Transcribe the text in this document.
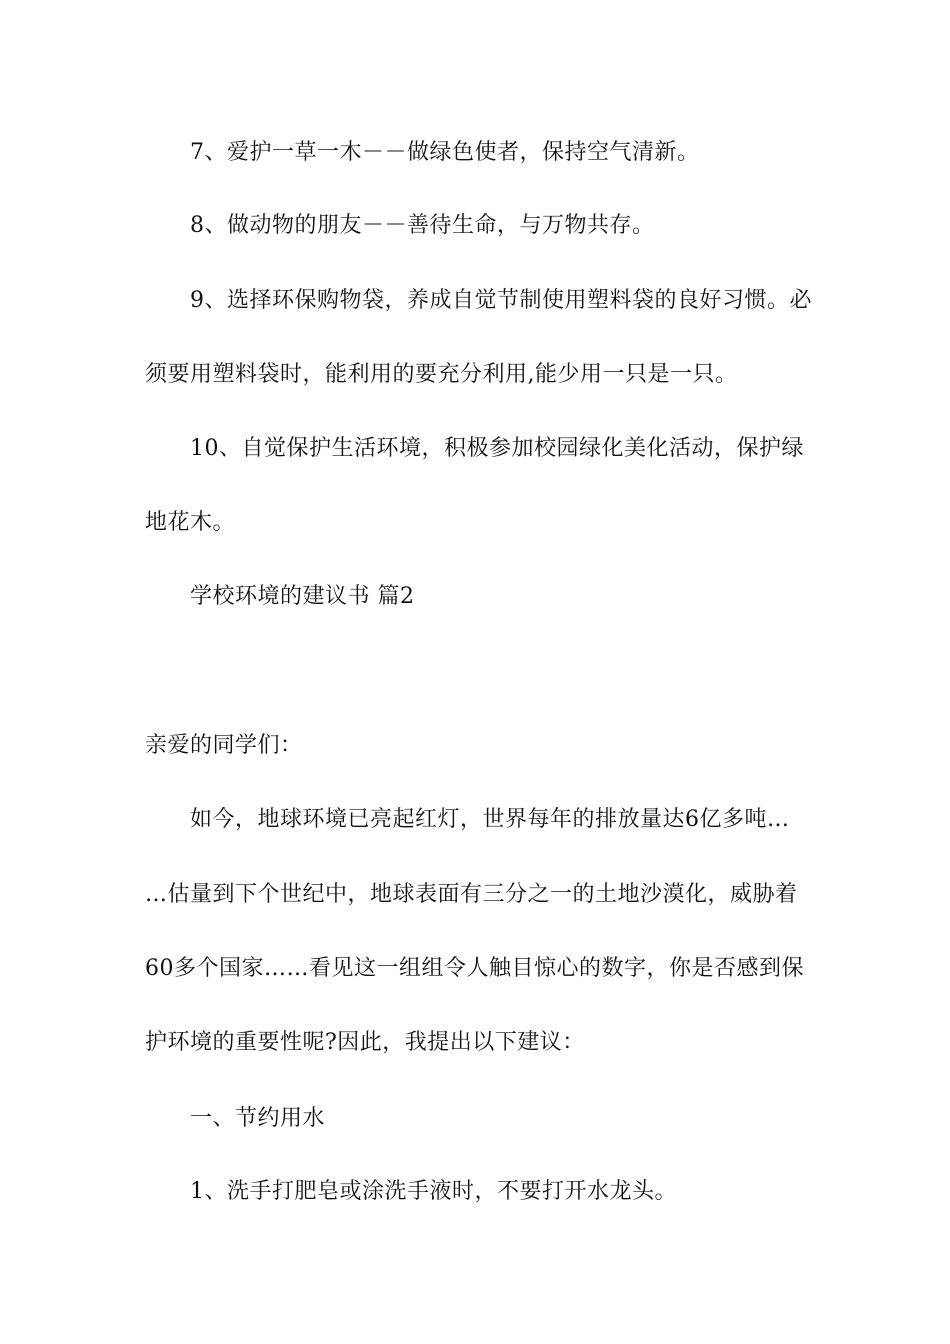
7、爱护一草一木－－做绿色使者，保持空气清新。
8、做动物的朋友－－善待生命，与万物共存。
9、选择环保购物袋，养成自觉节制使用塑料袋的良好习惯。必
须要用塑料袋时，能利用的要充分利用,能少用一只是一只。
10、自觉保护生活环境，积极参加校园绿化美化活动，保护绿
地花木。
学校环境的建议书 篇2
亲爱的同学们：
如今，地球环境已亮起红灯，世界每年的排放量达6亿多吨…
…估量到下个世纪中，地球表面有三分之一的土地沙漠化，威胁着
60多个国家……看见这一组组令人触目惊心的数字，你是否感到保
护环境的重要性呢?因此，我提出以下建议：
一、节约用水
1、洗手打肥皂或涂洗手液时，不要打开水龙头。
